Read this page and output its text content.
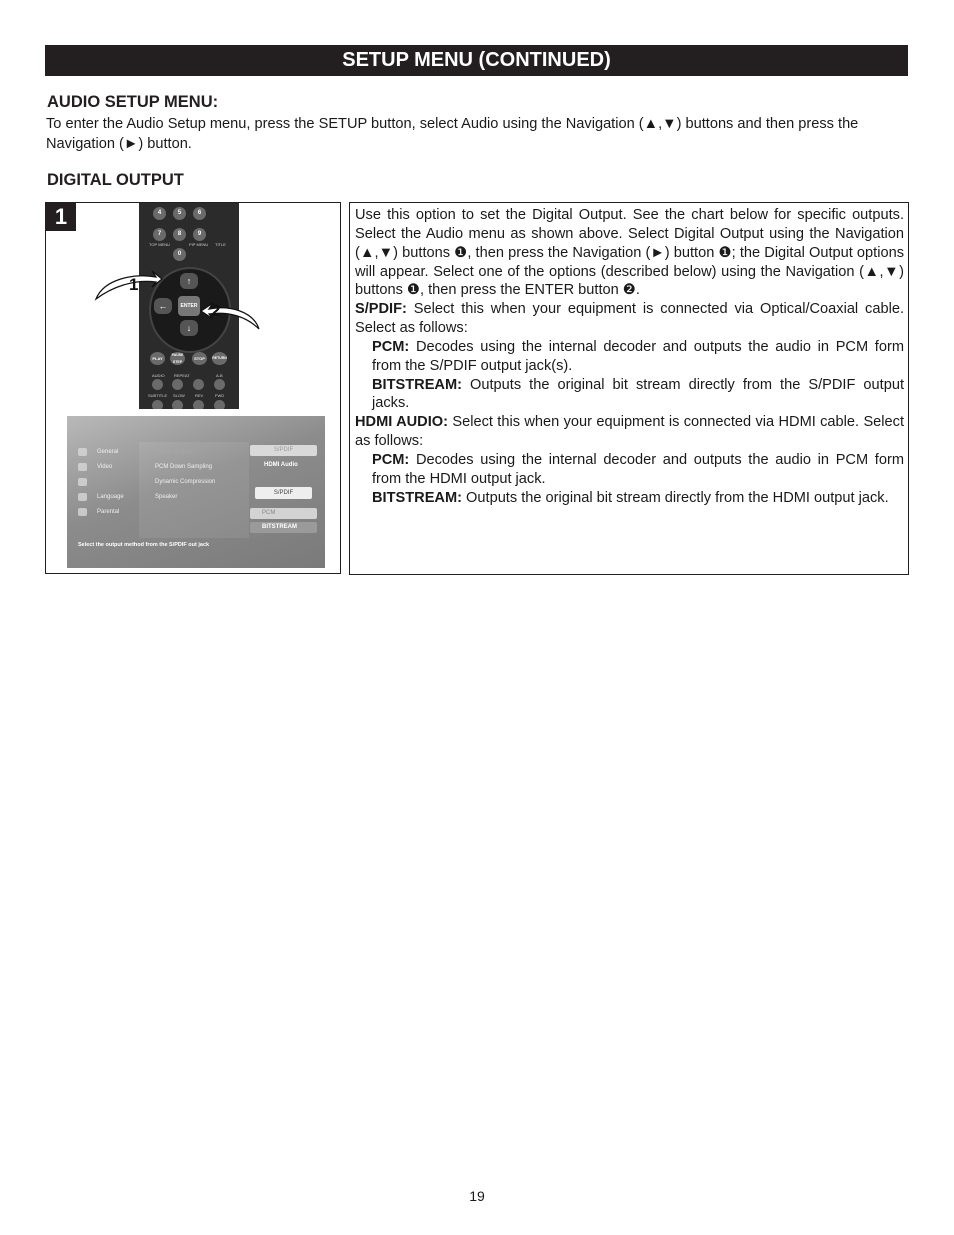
SETUP MENU (CONTINUED)
AUDIO SETUP MENU:
To enter the Audio Setup menu, press the SETUP button, select Audio using the Navigation (▲,▼) buttons and then press the Navigation (►) button.
DIGITAL OUTPUT
1	4	5	6
7	8	9
TOP MENU	PIP MENU TITLE
0
↑
←
↓
ENTER
PLAY
PAUSE STEP
STOP	RETURN
AUDIO REPEAT	A-B
SUBTITLE SLOW	REV	FWD
1
2
General
Video
Audio
Language
Parental
Digital Output
PCM Down Sampling
Dynamic Compression
Speaker
S/PDIF
HDMI Audio
S/PDIF
PCM
BITSTREAM
Select the output method from the S/PDIF out jack

Use this option to set the Digital Output. See the chart below for specific outputs. Select the Audio menu as shown above. Select Digital Output using the Navigation (▲,▼) buttons ❶, then press the Navigation (►) button ❶; the Digital Output options will appear. Select one of the options (described below) using the Navigation (▲,▼) buttons ❶, then press the ENTER button ❷.

S/PDIF: Select this when your equipment is connected via Optical/Coaxial cable. Select as follows:

PCM: Decodes using the internal decoder and outputs the audio in PCM form from the S/PDIF output jack(s).

BITSTREAM: Outputs the original bit stream directly from the S/PDIF output jacks.

HDMI AUDIO: Select this when your equipment is connected via HDMI cable. Select as follows:

PCM: Decodes using the internal decoder and outputs the audio in PCM form from the HDMI output jack.

BITSTREAM: Outputs the original bit stream directly from the HDMI output jack.

19
